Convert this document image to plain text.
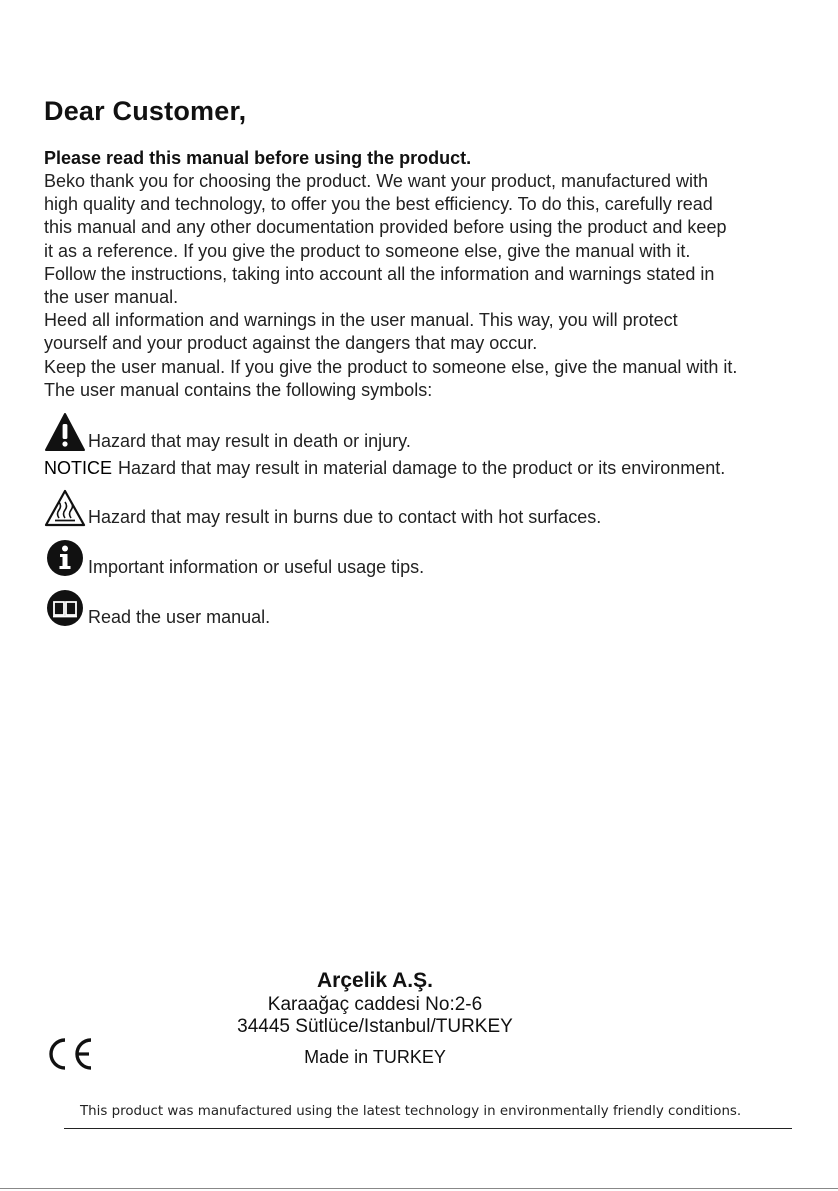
Dear Customer,

Please read this manual before using the product.

Beko thank you for choosing the product. We want your product, manufactured with
high quality and technology, to offer you the best efficiency. To do this, carefully read
this manual and any other documentation provided before using the product and keep
it as a reference. If you give the product to someone else, give the manual with it.
Follow the instructions, taking into account all the information and warnings stated in
the user manual.
Heed all information and warnings in the user manual. This way, you will protect
yourself and your product against the dangers that may occur.
Keep the user manual. If you give the product to someone else, give the manual with it.
The user manual contains the following symbols:

Hazard that may result in death or injury.
NOTICE Hazard that may result in material damage to the product or its environment.
Hazard that may result in burns due to contact with hot surfaces.
Important information or useful usage tips.
Read the user manual.
Arçelik A.Ş.
Karaağaç caddesi No:2-6
34445 Sütlüce/Istanbul/TURKEY
Made in TURKEY
This product was manufactured using the latest technology in environmentally friendly conditions.
